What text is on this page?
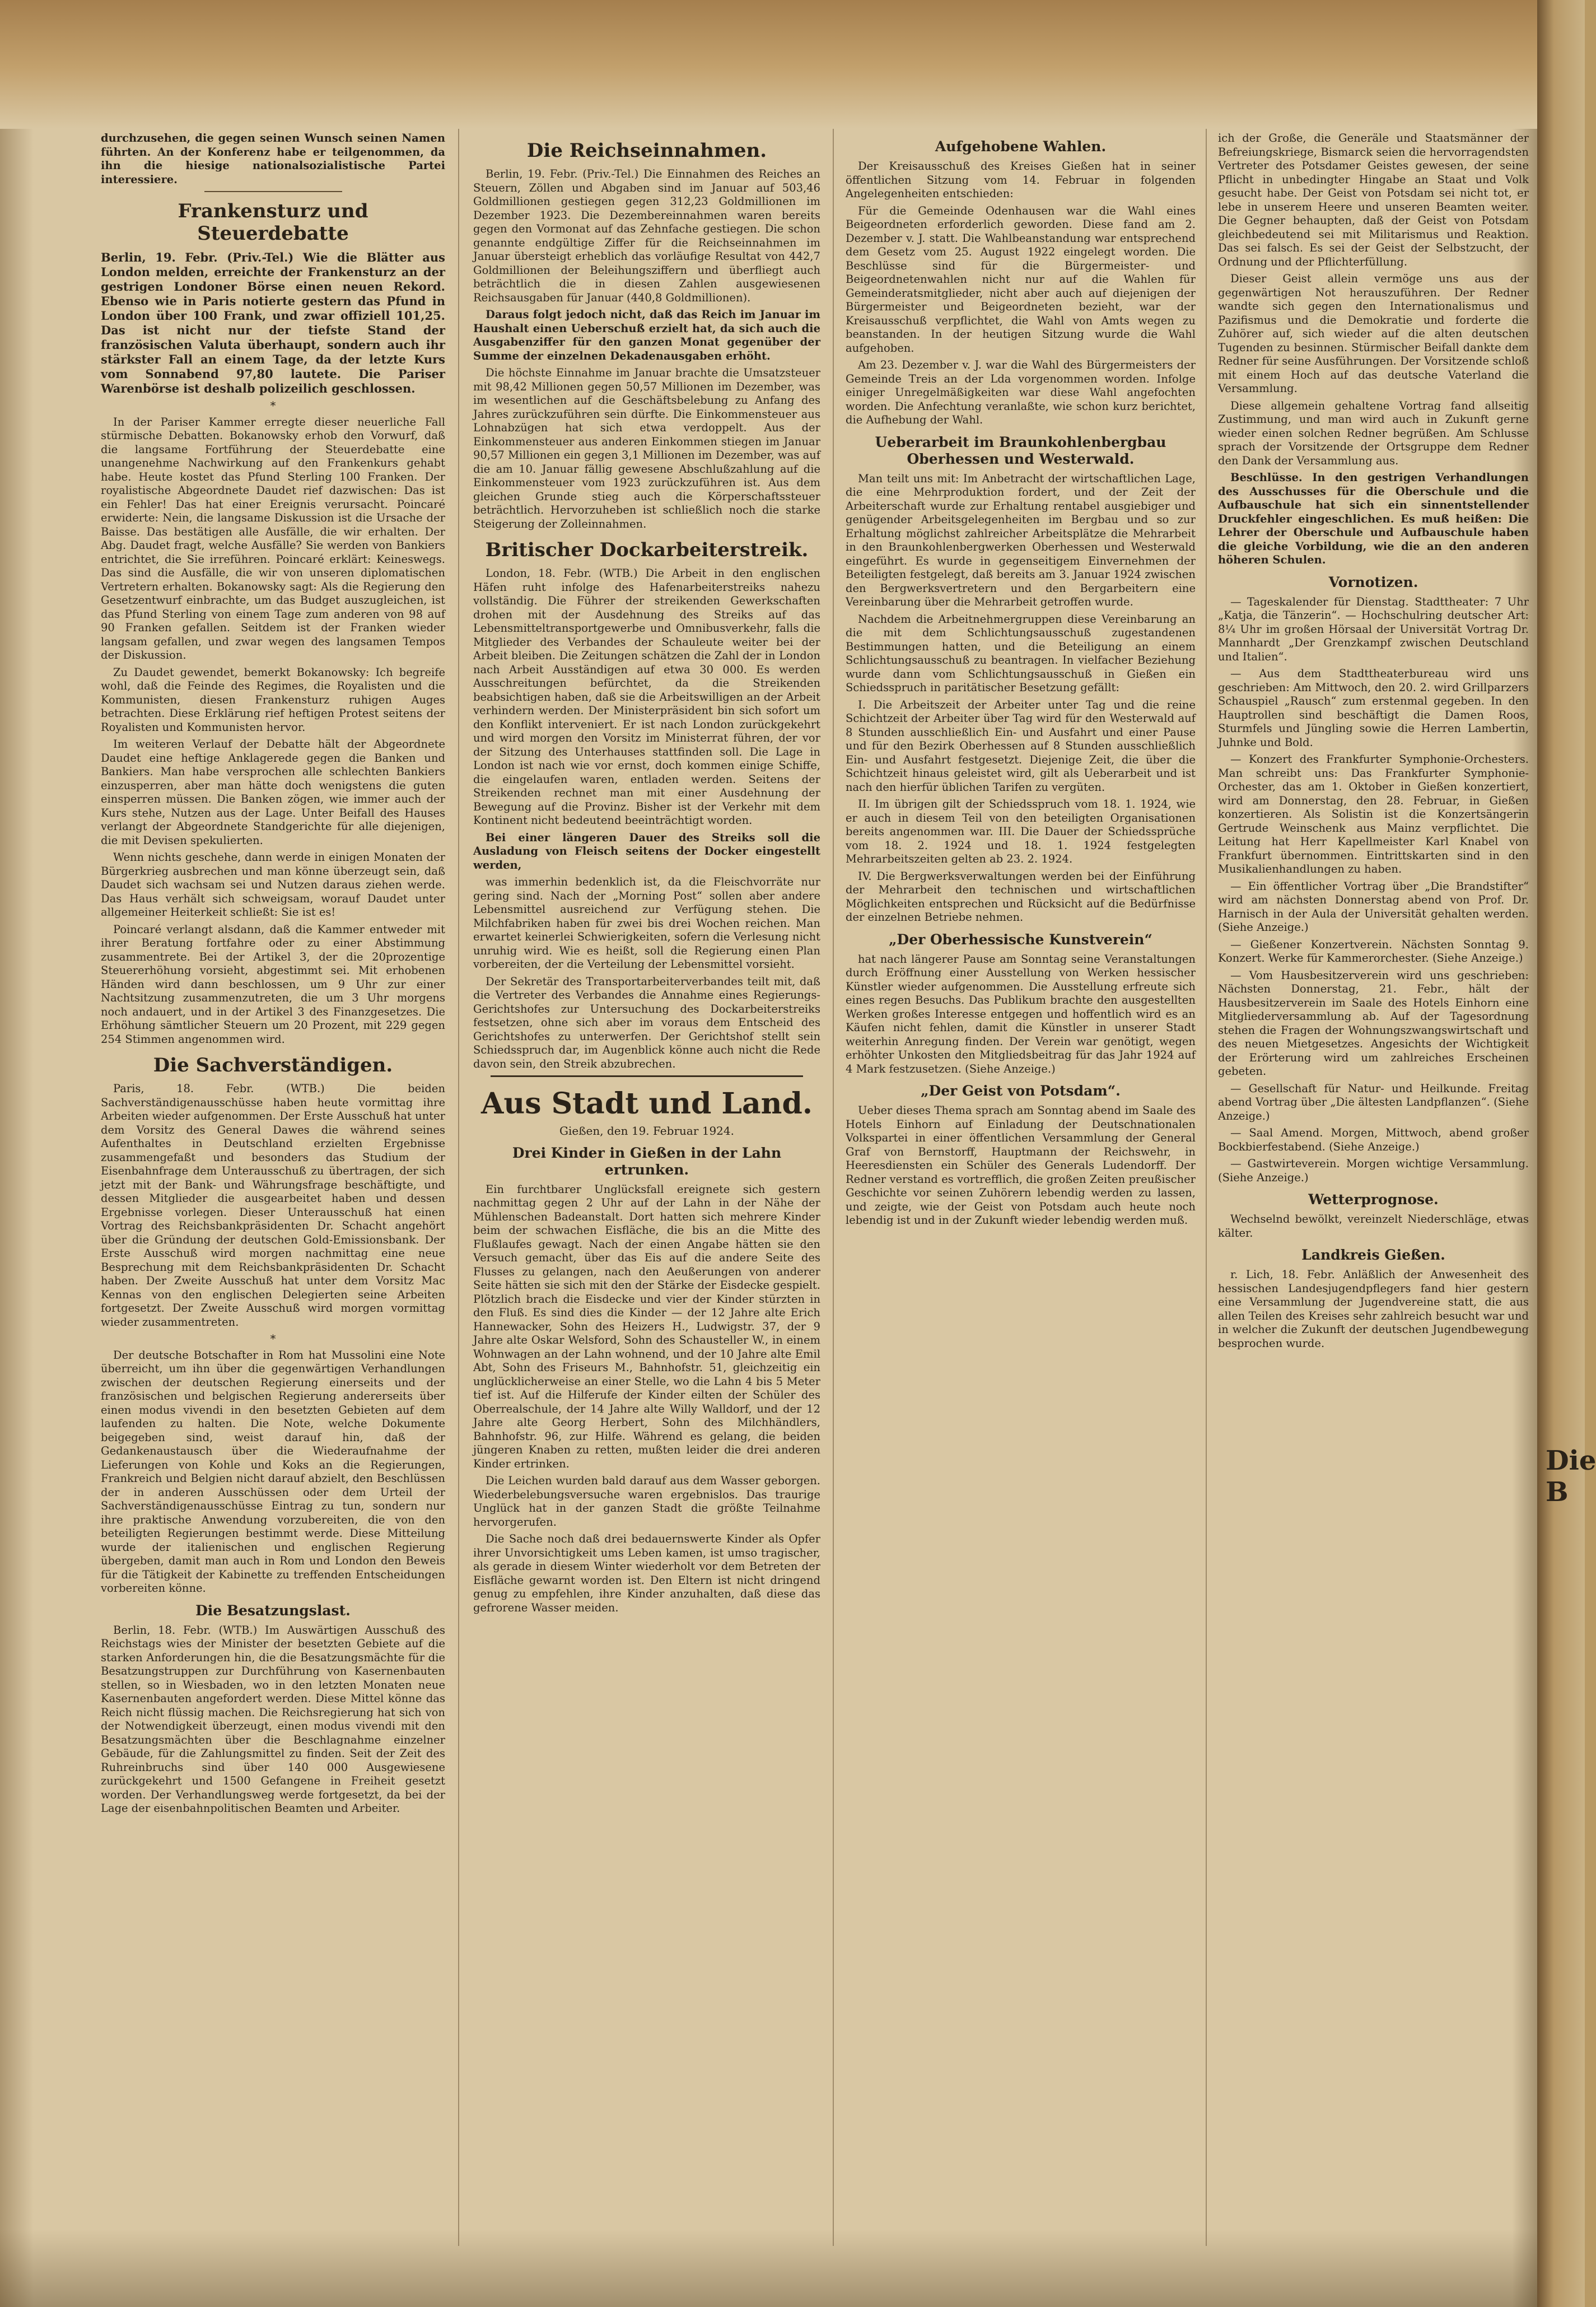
Die B

durchzusehen, die gegen seinen Wunsch seinen Namen führten. An der Konferenz habe er teilgenommen, da ihn die hiesige nationalsozialistische Partei interessiere.

Frankensturz und Steuerdebatte

Berlin, 19. Febr. (Priv.-Tel.) Wie die Blätter aus London melden, erreichte der Frankensturz an der gestrigen Londoner Börse einen neuen Rekord. Ebenso wie in Paris notierte gestern das Pfund in London über 100 Frank, und zwar offiziell 101,25. Das ist nicht nur der tiefste Stand der französischen Valuta überhaupt, sondern auch ihr stärkster Fall an einem Tage, da der letzte Kurs vom Sonnabend 97,80 lautete. Die Pariser Warenbörse ist deshalb polizeilich geschlossen.

*

In der Pariser Kammer erregte dieser neuerliche Fall stürmische Debatten. Bokanowsky erhob den Vorwurf, daß die langsame Fortführung der Steuerdebatte eine unangenehme Nachwirkung auf den Frankenkurs gehabt habe. Heute kostet das Pfund Sterling 100 Franken. Der royalistische Abgeordnete Daudet rief dazwischen: Das ist ein Fehler! Das hat einer Ereignis verursacht. Poincaré erwiderte: Nein, die langsame Diskussion ist die Ursache der Baisse. Das bestätigen alle Ausfälle, die wir erhalten. Der Abg. Daudet fragt, welche Ausfälle? Sie werden von Bankiers entrichtet, die Sie irreführen. Poincaré erklärt: Keineswegs. Das sind die Ausfälle, die wir von unseren diplomatischen Vertretern erhalten. Bokanowsky sagt: Als die Regierung den Gesetzentwurf einbrachte, um das Budget auszugleichen, ist das Pfund Sterling von einem Tage zum anderen von 98 auf 90 Franken gefallen. Seitdem ist der Franken wieder langsam gefallen, und zwar wegen des langsamen Tempos der Diskussion.

Zu Daudet gewendet, bemerkt Bokanowsky: Ich begreife wohl, daß die Feinde des Regimes, die Royalisten und die Kommunisten, diesen Frankensturz ruhigen Auges betrachten. Diese Erklärung rief heftigen Protest seitens der Royalisten und Kommunisten hervor.

Im weiteren Verlauf der Debatte hält der Abgeordnete Daudet eine heftige Anklagerede gegen die Banken und Bankiers. Man habe versprochen alle schlechten Bankiers einzusperren, aber man hätte doch wenigstens die guten einsperren müssen. Die Banken zögen, wie immer auch der Kurs stehe, Nutzen aus der Lage. Unter Beifall des Hauses verlangt der Abgeordnete Standgerichte für alle diejenigen, die mit Devisen spekulierten.

Wenn nichts geschehe, dann werde in einigen Monaten der Bürgerkrieg ausbrechen und man könne überzeugt sein, daß Daudet sich wachsam sei und Nutzen daraus ziehen werde. Das Haus verhält sich schweigsam, worauf Daudet unter allgemeiner Heiterkeit schließt: Sie ist es!

Poincaré verlangt alsdann, daß die Kammer entweder mit ihrer Beratung fortfahre oder zu einer Abstimmung zusammentrete. Bei der Artikel 3, der die 20prozentige Steuererhöhung vorsieht, abgestimmt sei. Mit erhobenen Händen wird dann beschlossen, um 9 Uhr zur einer Nachtsitzung zusammenzutreten, die um 3 Uhr morgens noch andauert, und in der Artikel 3 des Finanzgesetzes. Die Erhöhung sämtlicher Steuern um 20 Prozent, mit 229 gegen 254 Stimmen angenommen wird.

Die Sachverständigen.

Paris, 18. Febr. (WTB.) Die beiden Sachverständigenausschüsse haben heute vormittag ihre Arbeiten wieder aufgenommen. Der Erste Ausschuß hat unter dem Vorsitz des General Dawes die während seines Aufenthaltes in Deutschland erzielten Ergebnisse zusammengefaßt und besonders das Studium der Eisenbahnfrage dem Unterausschuß zu übertragen, der sich jetzt mit der Bank- und Währungsfrage beschäftigte, und dessen Mitglieder die ausgearbeitet haben und dessen Ergebnisse vorlegen. Dieser Unterausschuß hat einen Vortrag des Reichsbankpräsidenten Dr. Schacht angehört über die Gründung der deutschen Gold-Emissionsbank. Der Erste Ausschuß wird morgen nachmittag eine neue Besprechung mit dem Reichsbankpräsidenten Dr. Schacht haben. Der Zweite Ausschuß hat unter dem Vorsitz Mac Kennas von den englischen Delegierten seine Arbeiten fortgesetzt. Der Zweite Ausschuß wird morgen vormittag wieder zusammentreten.

*

Der deutsche Botschafter in Rom hat Mussolini eine Note überreicht, um ihn über die gegenwärtigen Verhandlungen zwischen der deutschen Regierung einerseits und der französischen und belgischen Regierung andererseits über einen modus vivendi in den besetzten Gebieten auf dem laufenden zu halten. Die Note, welche Dokumente beigegeben sind, weist darauf hin, daß der Gedankenaustausch über die Wiederaufnahme der Lieferungen von Kohle und Koks an die Regierungen, Frankreich und Belgien nicht darauf abzielt, den Beschlüssen der in anderen Ausschüssen oder dem Urteil der Sachverständigenausschüsse Eintrag zu tun, sondern nur ihre praktische Anwendung vorzubereiten, die von den beteiligten Regierungen bestimmt werde. Diese Mitteilung wurde der italienischen und englischen Regierung übergeben, damit man auch in Rom und London den Beweis für die Tätigkeit der Kabinette zu treffenden Entscheidungen vorbereiten könne.

Die Besatzungslast.

Berlin, 18. Febr. (WTB.) Im Auswärtigen Ausschuß des Reichstags wies der Minister der besetzten Gebiete auf die starken Anforderungen hin, die die Besatzungsmächte für die Besatzungstruppen zur Durchführung von Kasernenbauten stellen, so in Wiesbaden, wo in den letzten Monaten neue Kasernenbauten angefordert werden. Diese Mittel könne das Reich nicht flüssig machen. Die Reichsregierung hat sich von der Notwendigkeit überzeugt, einen modus vivendi mit den Besatzungsmächten über die Beschlagnahme einzelner Gebäude, für die Zahlungsmittel zu finden. Seit der Zeit des Ruhreinbruchs sind über 140 000 Ausgewiesene zurückgekehrt und 1500 Gefangene in Freiheit gesetzt worden. Der Verhandlungsweg werde fortgesetzt, da bei der Lage der eisenbahnpolitischen Beamten und Arbeiter.

Die Reichseinnahmen.

Berlin, 19. Febr. (Priv.-Tel.) Die Einnahmen des Reiches an Steuern, Zöllen und Abgaben sind im Januar auf 503,46 Goldmillionen gestiegen gegen 312,23 Goldmillionen im Dezember 1923. Die Dezembereinnahmen waren bereits gegen den Vormonat auf das Zehnfache gestiegen. Die schon genannte endgültige Ziffer für die Reichseinnahmen im Januar übersteigt erheblich das vorläufige Resultat von 442,7 Goldmillionen der Beleihungsziffern und überfliegt auch beträchtlich die in diesen Zahlen ausgewiesenen Reichsausgaben für Januar (440,8 Goldmillionen).

Daraus folgt jedoch nicht, daß das Reich im Januar im Haushalt einen Ueberschuß erzielt hat, da sich auch die Ausgabenziffer für den ganzen Monat gegenüber der Summe der einzelnen Dekadenausgaben erhöht.

Die höchste Einnahme im Januar brachte die Umsatzsteuer mit 98,42 Millionen gegen 50,57 Millionen im Dezember, was im wesentlichen auf die Geschäftsbelebung zu Anfang des Jahres zurückzuführen sein dürfte. Die Einkommensteuer aus Lohnabzügen hat sich etwa verdoppelt. Aus der Einkommensteuer aus anderen Einkommen stiegen im Januar 90,57 Millionen ein gegen 3,1 Millionen im Dezember, was auf die am 10. Januar fällig gewesene Abschlußzahlung auf die Einkommensteuer vom 1923 zurückzuführen ist. Aus dem gleichen Grunde stieg auch die Körperschaftssteuer beträchtlich. Hervorzuheben ist schließlich noch die starke Steigerung der Zolleinnahmen.

Britischer Dockarbeiterstreik.

London, 18. Febr. (WTB.) Die Arbeit in den englischen Häfen ruht infolge des Hafenarbeiterstreiks nahezu vollständig. Die Führer der streikenden Gewerkschaften drohen mit der Ausdehnung des Streiks auf das Lebensmitteltransportgewerbe und Omnibusverkehr, falls die Mitglieder des Verbandes der Schauleute weiter bei der Arbeit bleiben. Die Zeitungen schätzen die Zahl der in London nach Arbeit Ausständigen auf etwa 30 000. Es werden Ausschreitungen befürchtet, da die Streikenden beabsichtigen haben, daß sie die Arbeitswilligen an der Arbeit verhindern werden. Der Ministerpräsident bin sich sofort um den Konflikt interveniert. Er ist nach London zurückgekehrt und wird morgen den Vorsitz im Ministerrat führen, der vor der Sitzung des Unterhauses stattfinden soll. Die Lage in London ist nach wie vor ernst, doch kommen einige Schiffe, die eingelaufen waren, entladen werden. Seitens der Streikenden rechnet man mit einer Ausdehnung der Bewegung auf die Provinz. Bisher ist der Verkehr mit dem Kontinent nicht bedeutend beeinträchtigt worden.

Bei einer längeren Dauer des Streiks soll die Ausladung von Fleisch seitens der Docker eingestellt werden,

was immerhin bedenklich ist, da die Fleischvorräte nur gering sind. Nach der „Morning Post“ sollen aber andere Lebensmittel ausreichend zur Verfügung stehen. Die Milchfabriken haben für zwei bis drei Wochen reichen. Man erwartet keinerlei Schwierigkeiten, sofern die Verlesung nicht unruhig wird. Wie es heißt, soll die Regierung einen Plan vorbereiten, der die Verteilung der Lebensmittel vorsieht.

Der Sekretär des Transportarbeiterverbandes teilt mit, daß die Vertreter des Verbandes die Annahme eines Regierungs-Gerichtshofes zur Untersuchung des Dockarbeiterstreiks festsetzen, ohne sich aber im voraus dem Entscheid des Gerichtshofes zu unterwerfen. Der Gerichtshof stellt sein Schiedsspruch dar, im Augenblick könne auch nicht die Rede davon sein, den Streik abzubrechen.

Aus Stadt und Land.
Gießen, den 19. Februar 1924.
Drei Kinder in Gießen in der Lahn ertrunken.

Ein furchtbarer Unglücksfall ereignete sich gestern nachmittag gegen 2 Uhr auf der Lahn in der Nähe der Mühlenschen Badeanstalt. Dort hatten sich mehrere Kinder beim der schwachen Eisfläche, die bis an die Mitte des Flußlaufes gewagt. Nach der einen Angabe hätten sie den Versuch gemacht, über das Eis auf die andere Seite des Flusses zu gelangen, nach den Aeußerungen von anderer Seite hätten sie sich mit den der Stärke der Eisdecke gespielt. Plötzlich brach die Eisdecke und vier der Kinder stürzten in den Fluß. Es sind dies die Kinder — der 12 Jahre alte Erich Hannewacker, Sohn des Heizers H., Ludwigstr. 37, der 9 Jahre alte Oskar Welsford, Sohn des Schausteller W., in einem Wohnwagen an der Lahn wohnend, und der 10 Jahre alte Emil Abt, Sohn des Friseurs M., Bahnhofstr. 51, gleichzeitig ein unglücklicherweise an einer Stelle, wo die Lahn 4 bis 5 Meter tief ist. Auf die Hilferufe der Kinder eilten der Schüler des Oberrealschule, der 14 Jahre alte Willy Walldorf, und der 12 Jahre alte Georg Herbert, Sohn des Milchhändlers, Bahnhofstr. 96, zur Hilfe. Während es gelang, die beiden jüngeren Knaben zu retten, mußten leider die drei anderen Kinder ertrinken.

Die Leichen wurden bald darauf aus dem Wasser geborgen. Wiederbelebungsversuche waren ergebnislos. Das traurige Unglück hat in der ganzen Stadt die größte Teilnahme hervorgerufen.

Die Sache noch daß drei bedauernswerte Kinder als Opfer ihrer Unvorsichtigkeit ums Leben kamen, ist umso tragischer, als gerade in diesem Winter wiederholt vor dem Betreten der Eisfläche gewarnt worden ist. Den Eltern ist nicht dringend genug zu empfehlen, ihre Kinder anzuhalten, daß diese das gefrorene Wasser meiden.

Aufgehobene Wahlen.

Der Kreisausschuß des Kreises Gießen hat in seiner öffentlichen Sitzung vom 14. Februar in folgenden Angelegenheiten entschieden:

Für die Gemeinde Odenhausen war die Wahl eines Beigeordneten erforderlich geworden. Diese fand am 2. Dezember v. J. statt. Die Wahlbeanstandung war entsprechend dem Gesetz vom 25. August 1922 eingelegt worden. Die Beschlüsse sind für die Bürgermeister- und Beigeordnetenwahlen nicht nur auf die Wahlen für Gemeinderatsmitglieder, nicht aber auch auf diejenigen der Bürgermeister und Beigeordneten bezieht, war der Kreisausschuß verpflichtet, die Wahl von Amts wegen zu beanstanden. In der heutigen Sitzung wurde die Wahl aufgehoben.

Am 23. Dezember v. J. war die Wahl des Bürgermeisters der Gemeinde Treis an der Lda vorgenommen worden. Infolge einiger Unregelmäßigkeiten war diese Wahl angefochten worden. Die Anfechtung veranlaßte, wie schon kurz berichtet, die Aufhebung der Wahl.

Ueberarbeit im Braunkohlenbergbau Oberhessen und Westerwald.

Man teilt uns mit: Im Anbetracht der wirtschaftlichen Lage, die eine Mehrproduktion fordert, und der Zeit der Arbeiterschaft wurde zur Erhaltung rentabel ausgiebiger und genügender Arbeitsgelegenheiten im Bergbau und so zur Erhaltung möglichst zahlreicher Arbeitsplätze die Mehrarbeit in den Braunkohlenbergwerken Oberhessen und Westerwald eingeführt. Es wurde in gegenseitigem Einvernehmen der Beteiligten festgelegt, daß bereits am 3. Januar 1924 zwischen den Bergwerksvertretern und den Bergarbeitern eine Vereinbarung über die Mehrarbeit getroffen wurde.

Nachdem die Arbeitnehmergruppen diese Vereinbarung an die mit dem Schlichtungsausschuß zugestandenen Bestimmungen hatten, und die Beteiligung an einem Schlichtungsausschuß zu beantragen. In vielfacher Beziehung wurde dann vom Schlichtungsausschuß in Gießen ein Schiedsspruch in paritätischer Besetzung gefällt:

I. Die Arbeitszeit der Arbeiter unter Tag und die reine Schichtzeit der Arbeiter über Tag wird für den Westerwald auf 8 Stunden ausschließlich Ein- und Ausfahrt und einer Pause und für den Bezirk Oberhessen auf 8 Stunden ausschließlich Ein- und Ausfahrt festgesetzt. Diejenige Zeit, die über die Schichtzeit hinaus geleistet wird, gilt als Ueberarbeit und ist nach den hierfür üblichen Tarifen zu vergüten.

II. Im übrigen gilt der Schiedsspruch vom 18. 1. 1924, wie er auch in diesem Teil von den beteiligten Organisationen bereits angenommen war. III. Die Dauer der Schiedssprüche vom 18. 2. 1924 und 18. 1. 1924 festgelegten Mehrarbeitszeiten gelten ab 23. 2. 1924.

IV. Die Bergwerksverwaltungen werden bei der Einführung der Mehrarbeit den technischen und wirtschaftlichen Möglichkeiten entsprechen und Rücksicht auf die Bedürfnisse der einzelnen Betriebe nehmen.

„Der Oberhessische Kunstverein“

hat nach längerer Pause am Sonntag seine Veranstaltungen durch Eröffnung einer Ausstellung von Werken hessischer Künstler wieder aufgenommen. Die Ausstellung erfreute sich eines regen Besuchs. Das Publikum brachte den ausgestellten Werken großes Interesse entgegen und hoffentlich wird es an Käufen nicht fehlen, damit die Künstler in unserer Stadt weiterhin Anregung finden. Der Verein war genötigt, wegen erhöhter Unkosten den Mitgliedsbeitrag für das Jahr 1924 auf 4 Mark festzusetzen. (Siehe Anzeige.)

„Der Geist von Potsdam“.

Ueber dieses Thema sprach am Sonntag abend im Saale des Hotels Einhorn auf Einladung der Deutschnationalen Volkspartei in einer öffentlichen Versammlung der General Graf von Bernstorff, Hauptmann der Reichswehr, in Heeresdiensten ein Schüler des Generals Ludendorff. Der Redner verstand es vortrefflich, die großen Zeiten preußischer Geschichte vor seinen Zuhörern lebendig werden zu lassen, und zeigte, wie der Geist von Potsdam auch heute noch lebendig ist und in der Zukunft wieder lebendig werden muß.

ich der Große, die Generäle und Staatsmänner der Befreiungskriege, Bismarck seien die hervorragendsten Vertreter des Potsdamer Geistes gewesen, der seine Pflicht in unbedingter Hingabe an Staat und Volk gesucht habe. Der Geist von Potsdam sei nicht tot, er lebe in unserem Heere und unseren Beamten weiter. Die Gegner behaupten, daß der Geist von Potsdam gleichbedeutend sei mit Militarismus und Reaktion. Das sei falsch. Es sei der Geist der Selbstzucht, der Ordnung und der Pflichterfüllung.

Dieser Geist allein vermöge uns aus der gegenwärtigen Not herauszuführen. Der Redner wandte sich gegen den Internationalismus und Pazifismus und die Demokratie und forderte die Zuhörer auf, sich wieder auf die alten deutschen Tugenden zu besinnen. Stürmischer Beifall dankte dem Redner für seine Ausführungen. Der Vorsitzende schloß mit einem Hoch auf das deutsche Vaterland die Versammlung.

Diese allgemein gehaltene Vortrag fand allseitig Zustimmung, und man wird auch in Zukunft gerne wieder einen solchen Redner begrüßen. Am Schlusse sprach der Vorsitzende der Ortsgruppe dem Redner den Dank der Versammlung aus.

Beschlüsse. In den gestrigen Verhandlungen des Ausschusses für die Oberschule und die Aufbauschule hat sich ein sinnentstellender Druckfehler eingeschlichen. Es muß heißen: Die Lehrer der Oberschule und Aufbauschule haben die gleiche Vorbildung, wie die an den anderen höheren Schulen.

Vornotizen.

— Tageskalender für Dienstag. Stadttheater: 7 Uhr „Katja, die Tänzerin“. — Hochschulring deutscher Art: 8¼ Uhr im großen Hörsaal der Universität Vortrag Dr. Mannhardt „Der Grenzkampf zwischen Deutschland und Italien“.

— Aus dem Stadttheaterbureau wird uns geschrieben: Am Mittwoch, den 20. 2. wird Grillparzers Schauspiel „Rausch“ zum erstenmal gegeben. In den Hauptrollen sind beschäftigt die Damen Roos, Sturmfels und Jüngling sowie die Herren Lambertin, Juhnke und Bold.

— Konzert des Frankfurter Symphonie-Orchesters. Man schreibt uns: Das Frankfurter Symphonie-Orchester, das am 1. Oktober in Gießen konzertiert, wird am Donnerstag, den 28. Februar, in Gießen konzertieren. Als Solistin ist die Konzertsängerin Gertrude Weinschenk aus Mainz verpflichtet. Die Leitung hat Herr Kapellmeister Karl Knabel von Frankfurt übernommen. Eintrittskarten sind in den Musikalienhandlungen zu haben.

— Ein öffentlicher Vortrag über „Die Brandstifter“ wird am nächsten Donnerstag abend von Prof. Dr. Harnisch in der Aula der Universität gehalten werden. (Siehe Anzeige.)

— Gießener Konzertverein. Nächsten Sonntag 9. Konzert. Werke für Kammerorchester. (Siehe Anzeige.)

— Vom Hausbesitzerverein wird uns geschrieben: Nächsten Donnerstag, 21. Febr., hält der Hausbesitzerverein im Saale des Hotels Einhorn eine Mitgliederversammlung ab. Auf der Tagesordnung stehen die Fragen der Wohnungszwangswirtschaft und des neuen Mietgesetzes. Angesichts der Wichtigkeit der Erörterung wird um zahlreiches Erscheinen gebeten.

— Gesellschaft für Natur- und Heilkunde. Freitag abend Vortrag über „Die ältesten Landpflanzen“. (Siehe Anzeige.)

— Saal Amend. Morgen, Mittwoch, abend großer Bockbierfestabend. (Siehe Anzeige.)

— Gastwirteverein. Morgen wichtige Versammlung. (Siehe Anzeige.)

Wetterprognose.

Wechselnd bewölkt, vereinzelt Niederschläge, etwas kälter.

Landkreis Gießen.

r. Lich, 18. Febr. Anläßlich der Anwesenheit des hessischen Landesjugendpflegers fand hier gestern eine Versammlung der Jugendvereine statt, die aus allen Teilen des Kreises sehr zahlreich besucht war und in welcher die Zukunft der deutschen Jugendbewegung besprochen wurde.
